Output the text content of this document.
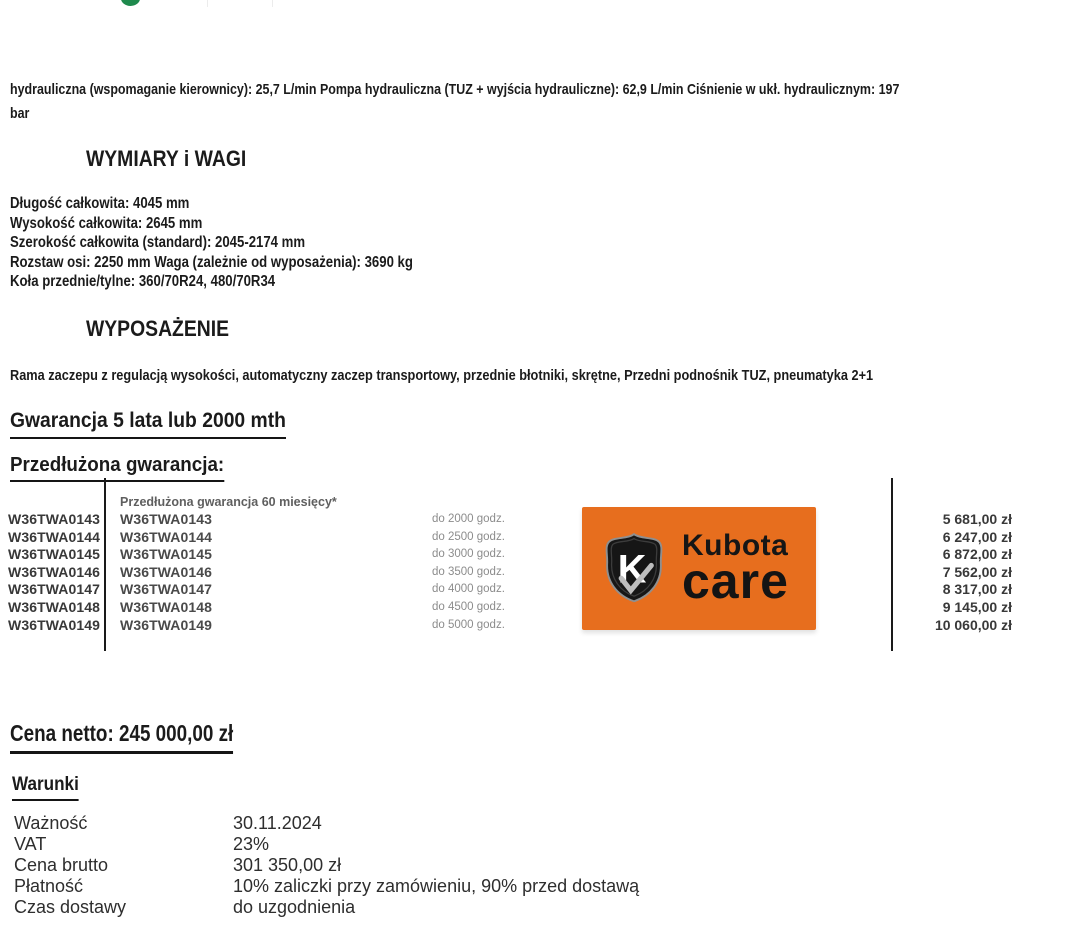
hydrauliczna (wspomaganie kierownicy): 25,7 L/min Pompa hydrauliczna (TUZ + wyjścia hydrauliczne): 62,9 L/min Ciśnienie w ukł. hydraulicznym: 197
bar
WYMIARY i WAGI
Długość całkowita: 4045 mm
Wysokość całkowita: 2645 mm
Szerokość całkowita (standard): 2045-2174 mm
Rozstaw osi: 2250 mm Waga (zależnie od wyposażenia): 3690 kg
Koła przednie/tylne: 360/70R24, 480/70R34
WYPOSAŻENIE
Rama zaczepu z regulacją wysokości, automatyczny zaczep transportowy, przednie błotniki, skrętne, Przedni podnośnik TUZ, pneumatyka 2+1
Gwarancja 5 lata lub 2000 mth
Przedłużona gwarancja:
Przedłużona gwarancja 60 miesięcy*
W36TWA0143
W36TWA0144
W36TWA0145
W36TWA0146
W36TWA0147
W36TWA0148
W36TWA0149
W36TWA0143
W36TWA0144
W36TWA0145
W36TWA0146
W36TWA0147
W36TWA0148
W36TWA0149
do 2000 godz.
do 2500 godz.
do 3000 godz.
do 3500 godz.
do 4000 godz.
do 4500 godz.
do 5000 godz.
5 681,00 zł
6 247,00 zł
6 872,00 zł
7 562,00 zł
8 317,00 zł
9 145,00 zł
10 060,00 zł
K
Kubota
care
Cena netto: 245 000,00 zł
Warunki
Ważność
VAT
Cena brutto
Płatność
Czas dostawy
30.11.2024
23%
301 350,00 zł
10% zaliczki przy zamówieniu, 90% przed dostawą
do uzgodnienia
